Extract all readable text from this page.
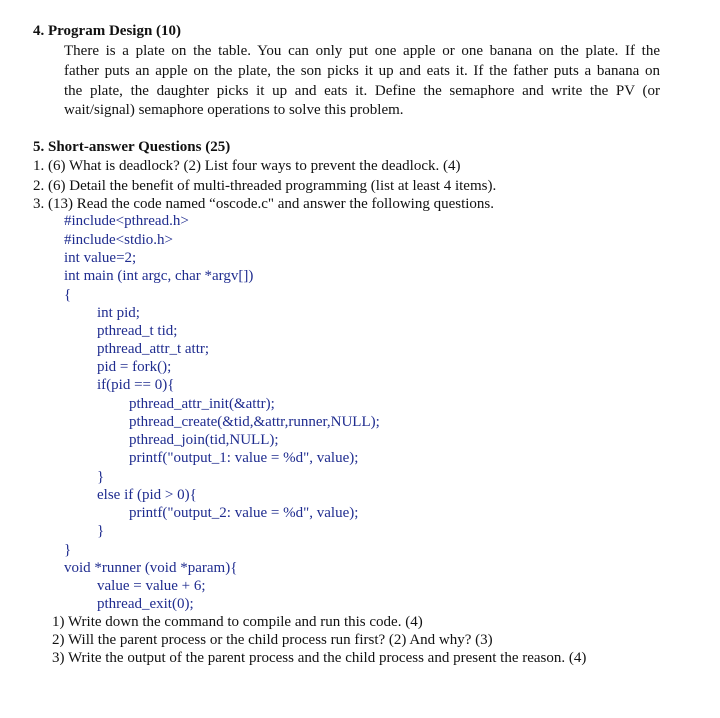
4. Program Design (10)
There is a plate on the table. You can only put one apple or one banana on the plate. If the
father puts an apple on the plate, the son picks it up and eats it. If the father puts a banana on
the plate, the daughter picks it up and eats it. Define the semaphore and write the PV (or
wait/signal) semaphore operations to solve this problem.
5. Short-answer Questions (25)
1. (6) What is deadlock? (2) List four ways to prevent the deadlock. (4)
2. (6) Detail the benefit of multi-threaded programming (list at least 4 items).
3. (13) Read the code named “oscode.c" and answer the following questions.
#include<pthread.h>
#include<stdio.h>
int value=2;
int main (int argc, char *argv[])
{
int pid;
pthread_t tid;
pthread_attr_t attr;
pid = fork();
if(pid == 0){
pthread_attr_init(&attr);
pthread_create(&tid,&attr,runner,NULL);
pthread_join(tid,NULL);
printf("output_1: value = %d", value);
}
else if (pid > 0){
printf("output_2: value = %d", value);
}
}
void *runner (void *param){
value = value + 6;
pthread_exit(0);
1) Write down the command to compile and run this code. (4)
2) Will the parent process or the child process run first? (2) And why? (3)
3) Write the output of the parent process and the child process and present the reason. (4)
